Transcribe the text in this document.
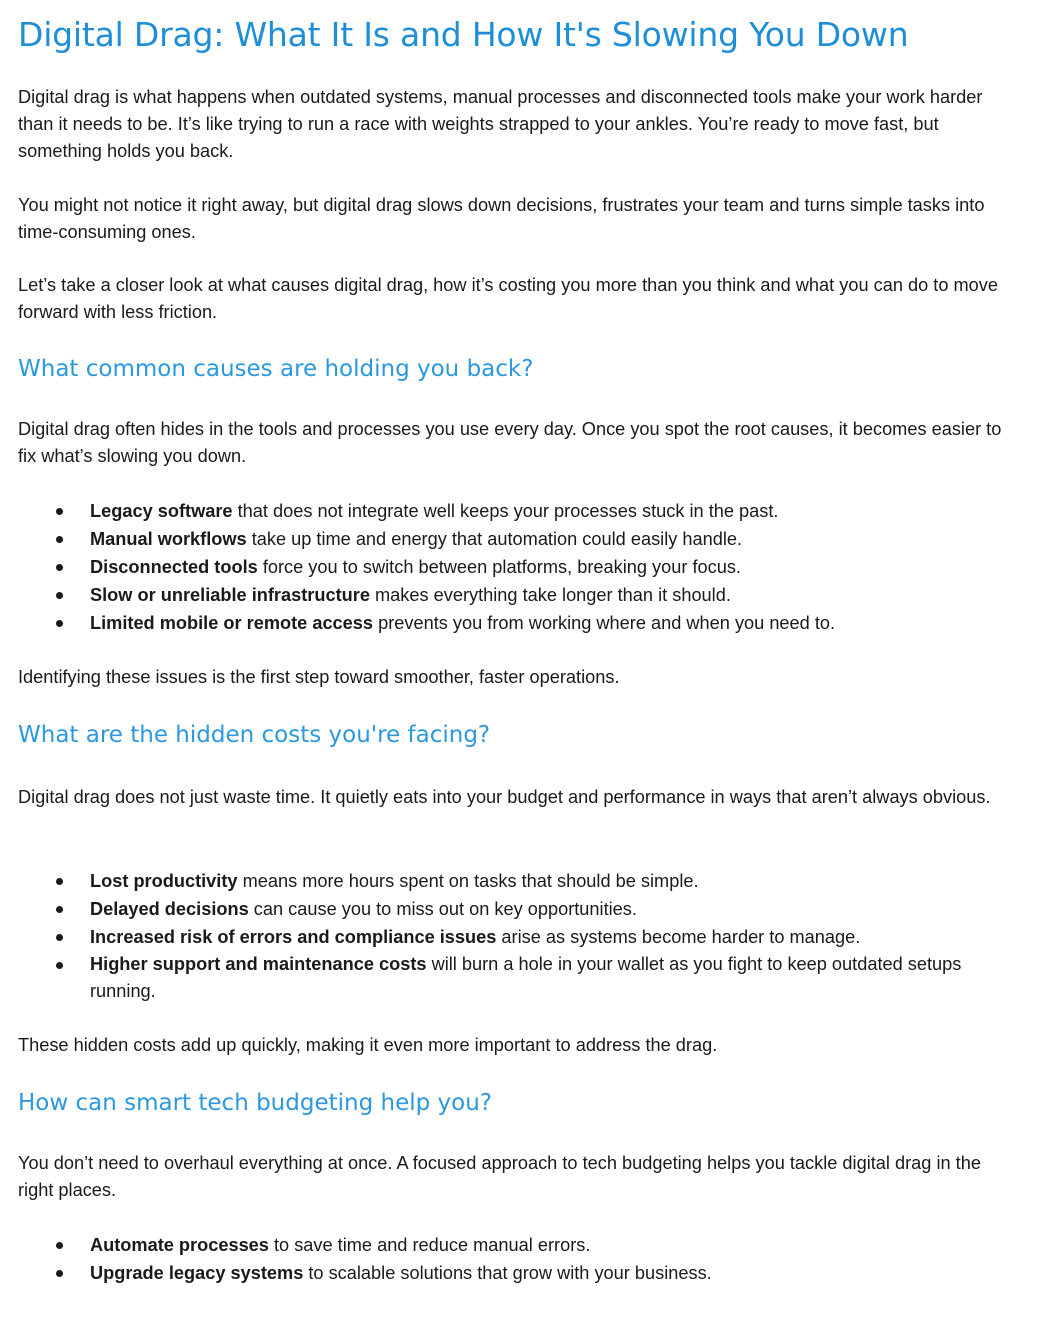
Digital Drag: What It Is and How It's Slowing You Down

Digital drag is what happens when outdated systems, manual processes and disconnected tools make your work harder than it needs to be. It’s like trying to run a race with weights strapped to your ankles. You’re ready to move fast, but something holds you back.

You might not notice it right away, but digital drag slows down decisions, frustrates your team and turns simple tasks into time-consuming ones.

Let’s take a closer look at what causes digital drag, how it’s costing you more than you think and what you can do to move forward with less friction.

What common causes are holding you back?

Digital drag often hides in the tools and processes you use every day. Once you spot the root causes, it becomes easier to fix what’s slowing you down.

Legacy software that does not integrate well keeps your processes stuck in the past.
Manual workflows take up time and energy that automation could easily handle.
Disconnected tools force you to switch between platforms, breaking your focus.
Slow or unreliable infrastructure makes everything take longer than it should.
Limited mobile or remote access prevents you from working where and when you need to.

Identifying these issues is the first step toward smoother, faster operations.

What are the hidden costs you're facing?

Digital drag does not just waste time. It quietly eats into your budget and performance in ways that aren’t always obvious.

Lost productivity means more hours spent on tasks that should be simple.
Delayed decisions can cause you to miss out on key opportunities.
Increased risk of errors and compliance issues arise as systems become harder to manage.
Higher support and maintenance costs will burn a hole in your wallet as you fight to keep outdated setups running.

These hidden costs add up quickly, making it even more important to address the drag.

How can smart tech budgeting help you?

You don’t need to overhaul everything at once. A focused approach to tech budgeting helps you tackle digital drag in the right places.

Automate processes to save time and reduce manual errors.
Upgrade legacy systems to scalable solutions that grow with your business.
